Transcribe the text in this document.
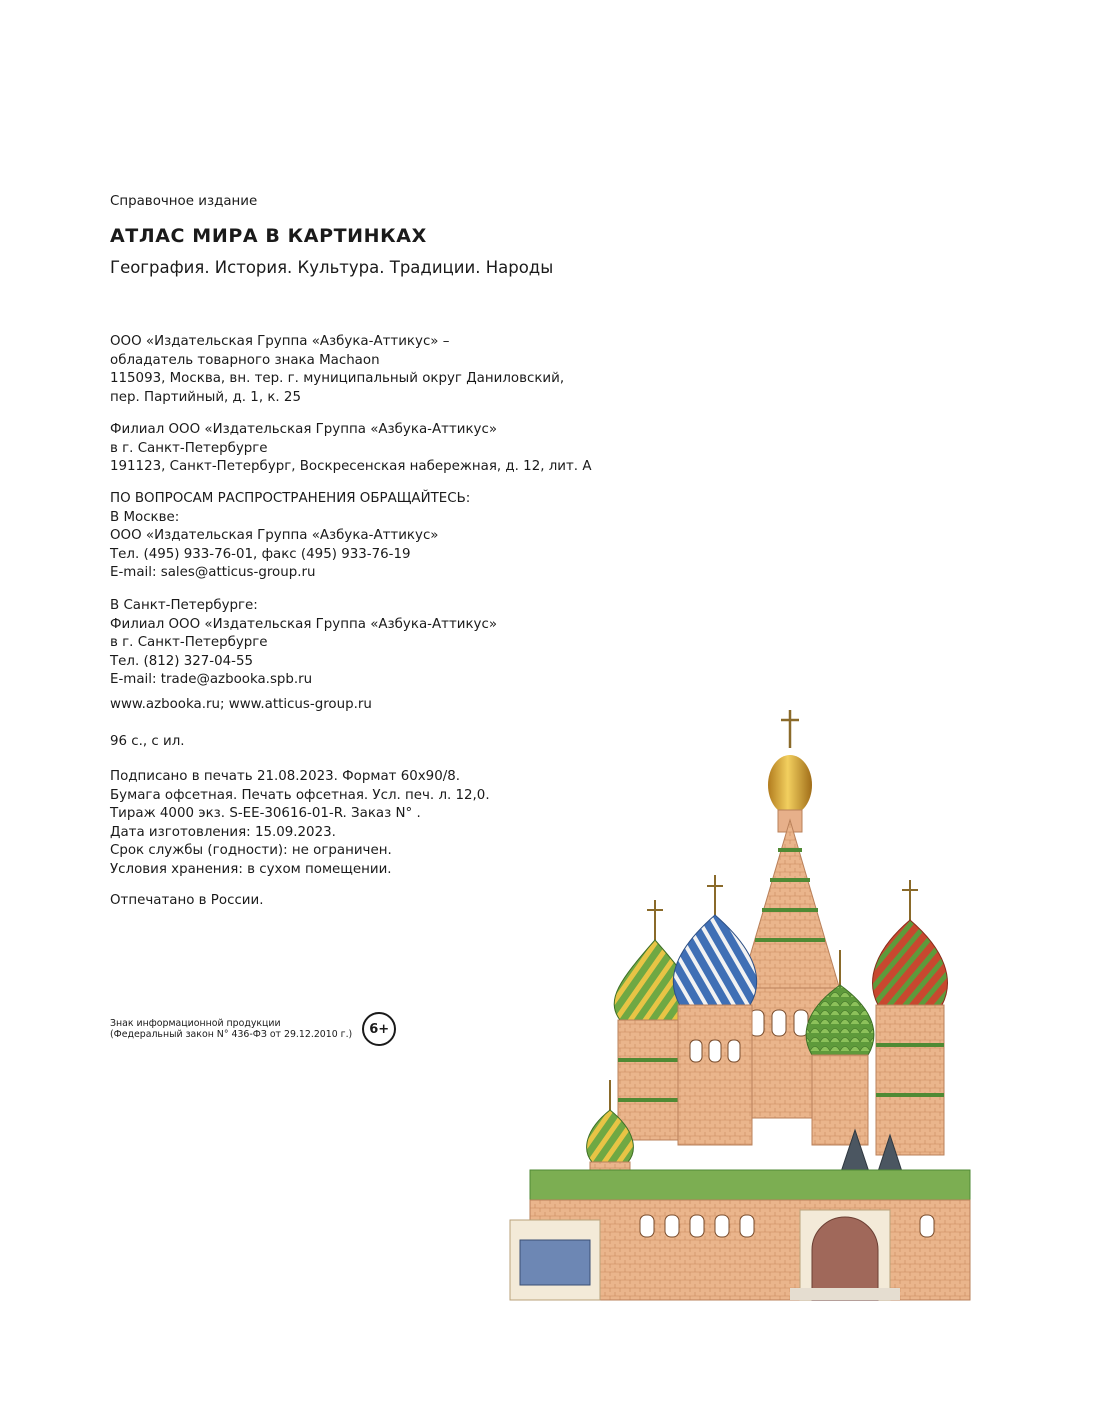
Справочное издание
АТЛАС МИРА В КАРТИНКАХ
География. История. Культура. Традиции. Народы
ООО «Издательская Группа «Азбука-Аттикус» –
обладатель товарного знака Machaon
115093, Москва, вн. тер. г. муниципальный округ Даниловский,
пер. Партийный, д. 1, к. 25
Филиал ООО «Издательская Группа «Азбука-Аттикус»
в г. Санкт-Петербурге
191123, Санкт-Петербург, Воскресенская набережная, д. 12, лит. А
ПО ВОПРОСАМ РАСПРОСТРАНЕНИЯ ОБРАЩАЙТЕСЬ:
В Москве:
ООО «Издательская Группа «Азбука-Аттикус»
Тел. (495) 933-76-01, факс (495) 933-76-19
E-mail: sales@atticus-group.ru
В Санкт-Петербурге:
Филиал ООО «Издательская Группа «Азбука-Аттикус»
в г. Санкт-Петербурге
Тел. (812) 327-04-55
E-mail: trade@azbooka.spb.ru
www.azbooka.ru; www.atticus-group.ru
96 с., с ил.
Подписано в печать 21.08.2023. Формат 60х90/8.
Бумага офсетная. Печать офсетная. Усл. печ. л. 12,0.
Тираж 4000 экз. S-EE-30616-01-R. Заказ N° .
Дата изготовления: 15.09.2023.
Срок службы (годности): не ограничен.
Условия хранения: в сухом помещении.
Отпечатано в России.
Знак информационной продукции
(Федеральный закон N° 436-ФЗ от 29.12.2010 г.)	6+
